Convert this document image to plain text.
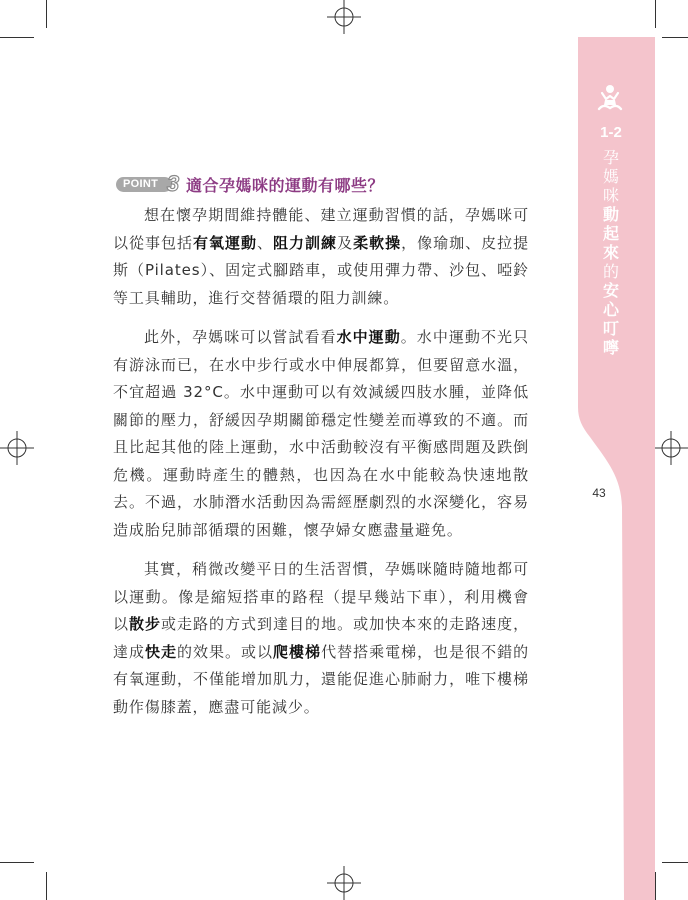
1-2
孕
媽
咪
動
起
來
的
安
心
叮
嚀
43
POINT 3 適合孕媽咪的運動有哪些？
想在懷孕期間維持體能、建立運動習慣的話，孕媽咪可以從事包括有氧運動、阻力訓練及柔軟操，像瑜珈、皮拉提斯（Pilates）、固定式腳踏車，或使用彈力帶、沙包、啞鈴等工具輔助，進行交替循環的阻力訓練。
此外，孕媽咪可以嘗試看看水中運動。水中運動不光只有游泳而已，在水中步行或水中伸展都算，但要留意水溫，不宜超過 32°C。水中運動可以有效減緩四肢水腫，並降低關節的壓力，舒緩因孕期關節穩定性變差而導致的不適。而且比起其他的陸上運動，水中活動較沒有平衡感問題及跌倒危機。運動時產生的體熱，也因為在水中能較為快速地散去。不過，水肺潛水活動因為需經歷劇烈的水深變化，容易造成胎兒肺部循環的困難，懷孕婦女應盡量避免。
其實，稍微改變平日的生活習慣，孕媽咪隨時隨地都可以運動。像是縮短搭車的路程（提早幾站下車），利用機會以散步或走路的方式到達目的地。或加快本來的走路速度，達成快走的效果。或以爬樓梯代替搭乘電梯，也是很不錯的有氧運動，不僅能增加肌力，還能促進心肺耐力，唯下樓梯動作傷膝蓋，應盡可能減少。
